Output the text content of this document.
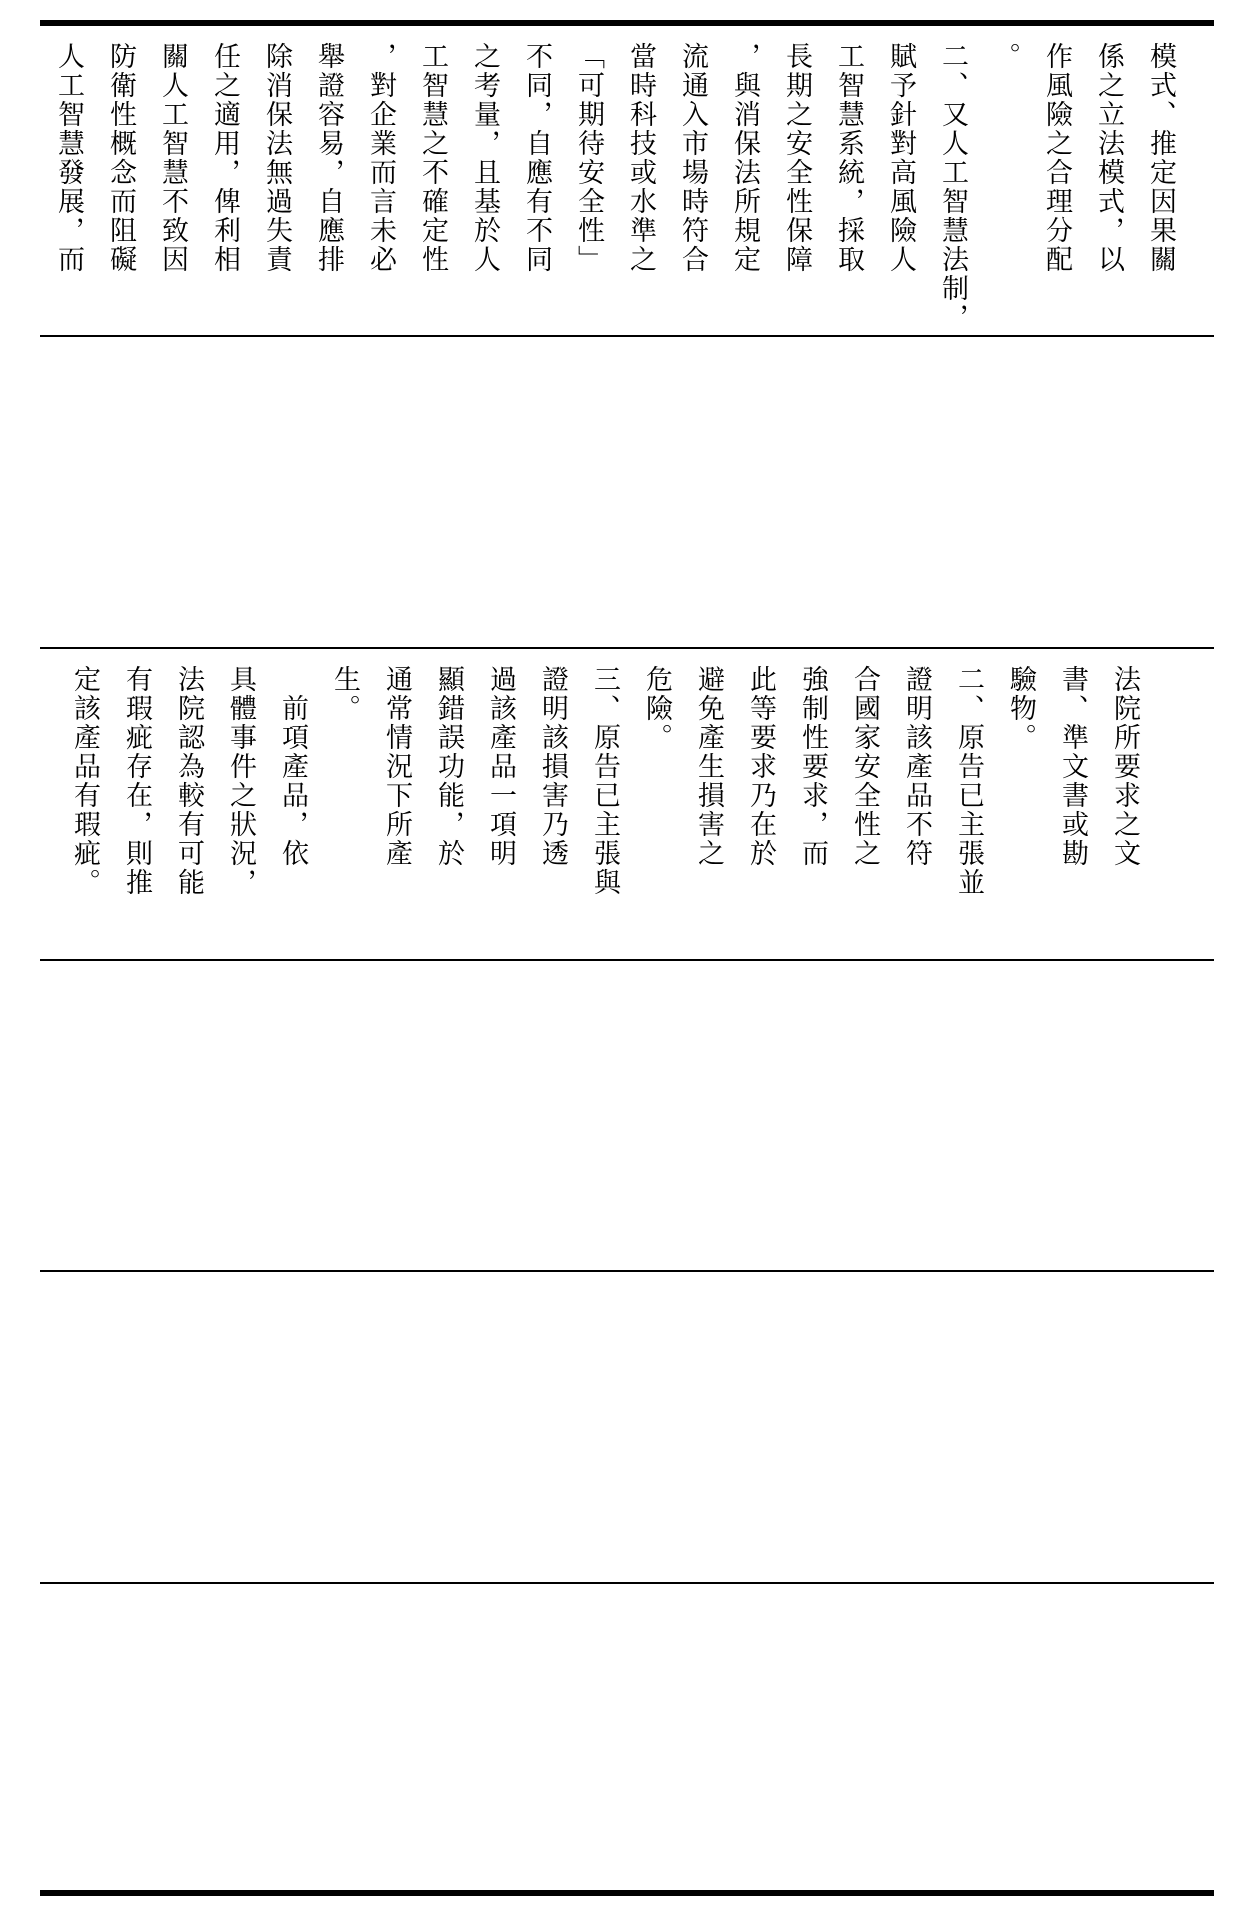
模式、推定因果關
係之立法模式，以
作風險之合理分配
。
二、又人工智慧法制，
賦予針對高風險人
工智慧系統，採取
長期之安全性保障
，與消保法所規定
流通入市場時符合
當時科技或水準之
「可期待安全性」
不同，自應有不同
之考量，且基於人
工智慧之不確定性
，對企業而言未必
舉證容易，自應排
除消保法無過失責
任之適用，俾利相
關人工智慧不致因
防衛性概念而阻礙
人工智慧發展，而
法院所要求之文
書、準文書或勘
驗物。
二、原告已主張並
證明該產品不符
合國家安全性之
強制性要求，而
此等要求乃在於
避免產生損害之
危險。
三、原告已主張與
證明該損害乃透
過該產品一項明
顯錯誤功能，於
通常情況下所產
生。
　前項產品，依
具體事件之狀況，
法院認為較有可能
有瑕疵存在，則推
定該產品有瑕疵。
